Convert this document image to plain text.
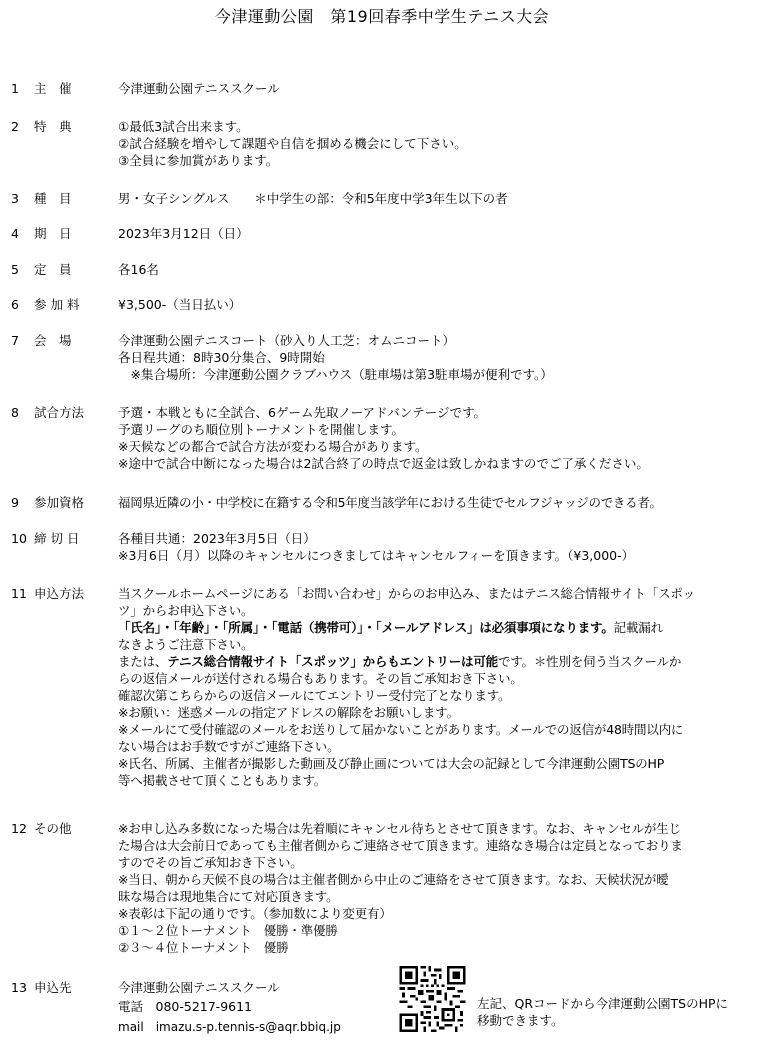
今津運動公園　第19回春季中学生テニス大会
1	主　催	今津運動公園テニススクール
2	特　典	①最低3試合出来ます。
②試合経験を増やして課題や自信を掴める機会にして下さい。
③全員に参加賞があります。
3	種　目	男・女子シングルス　　＊中学生の部：令和5年度中学3年生以下の者
4	期　日	2023年3月12日（日）
5	定　員	各16名
6	参 加 料	¥3,500-（当日払い）
7	会　場	今津運動公園テニスコート（砂入り人工芝：オムニコート）
各日程共通：8時30分集合、9時開始
　※集合場所：今津運動公園クラブハウス（駐車場は第3駐車場が便利です。）
8	試合方法	予選・本戦ともに全試合、6ゲーム先取ノーアドバンテージです。
予選リーグのち順位別トーナメントを開催します。
※天候などの都合で試合方法が変わる場合があります。
※途中で試合中断になった場合は2試合終了の時点で返金は致しかねますのでご了承ください。
9	参加資格	福岡県近隣の小・中学校に在籍する令和5年度当該学年における生徒でセルフジャッジのできる者。
10 締 切 日	各種目共通：2023年3月5日（日）
※3月6日（月）以降のキャンセルにつきましてはキャンセルフィーを頂きます。（¥3,000-）
11 申込方法	当スクールホームページにある「お問い合わせ」からのお申込み、またはテニス総合情報サイト「スポッ
ツ」からお申込下さい。
「氏名」・「年齢」・「所属」・「電話（携帯可）」・「メールアドレス」は必須事項になります。記載漏れ
なきようご注意下さい。
または、テニス総合情報サイト「スポッツ」からもエントリーは可能です。＊性別を伺う当スクールか
らの返信メールが送付される場合もあります。その旨ご承知おき下さい。
確認次第こちらからの返信メールにてエントリー受付完了となります。
※お願い：迷惑メールの指定アドレスの解除をお願いします。
※メールにて受付確認のメールをお送りして届かないことがあります。メールでの返信が48時間以内に
ない場合はお手数ですがご連絡下さい。
※氏名、所属、主催者が撮影した動画及び静止画については大会の記録として今津運動公園TSのHP
等へ掲載させて頂くこともあります。
12 その他	※お申し込み多数になった場合は先着順にキャンセル待ちとさせて頂きます。なお、キャンセルが生じ
た場合は大会前日であっても主催者側からご連絡させて頂きます。連絡なき場合は定員となっておりま
すのでその旨ご承知おき下さい。
※当日、朝から天候不良の場合は主催者側から中止のご連絡をさせて頂きます。なお、天候状況が曖
昧な場合は現地集合にて対応頂きます。
※表彰は下記の通りです。（参加数により変更有）
①１～２位トーナメント　優勝・準優勝
②３～４位トーナメント　優勝
13 申込先	今津運動公園テニススクール
電話　080-5217-9611
mail　imazu.s-p.tennis-s@aqr.bbiq.jp
左記、QRコードから今津運動公園TSのHPに
移動できます。
